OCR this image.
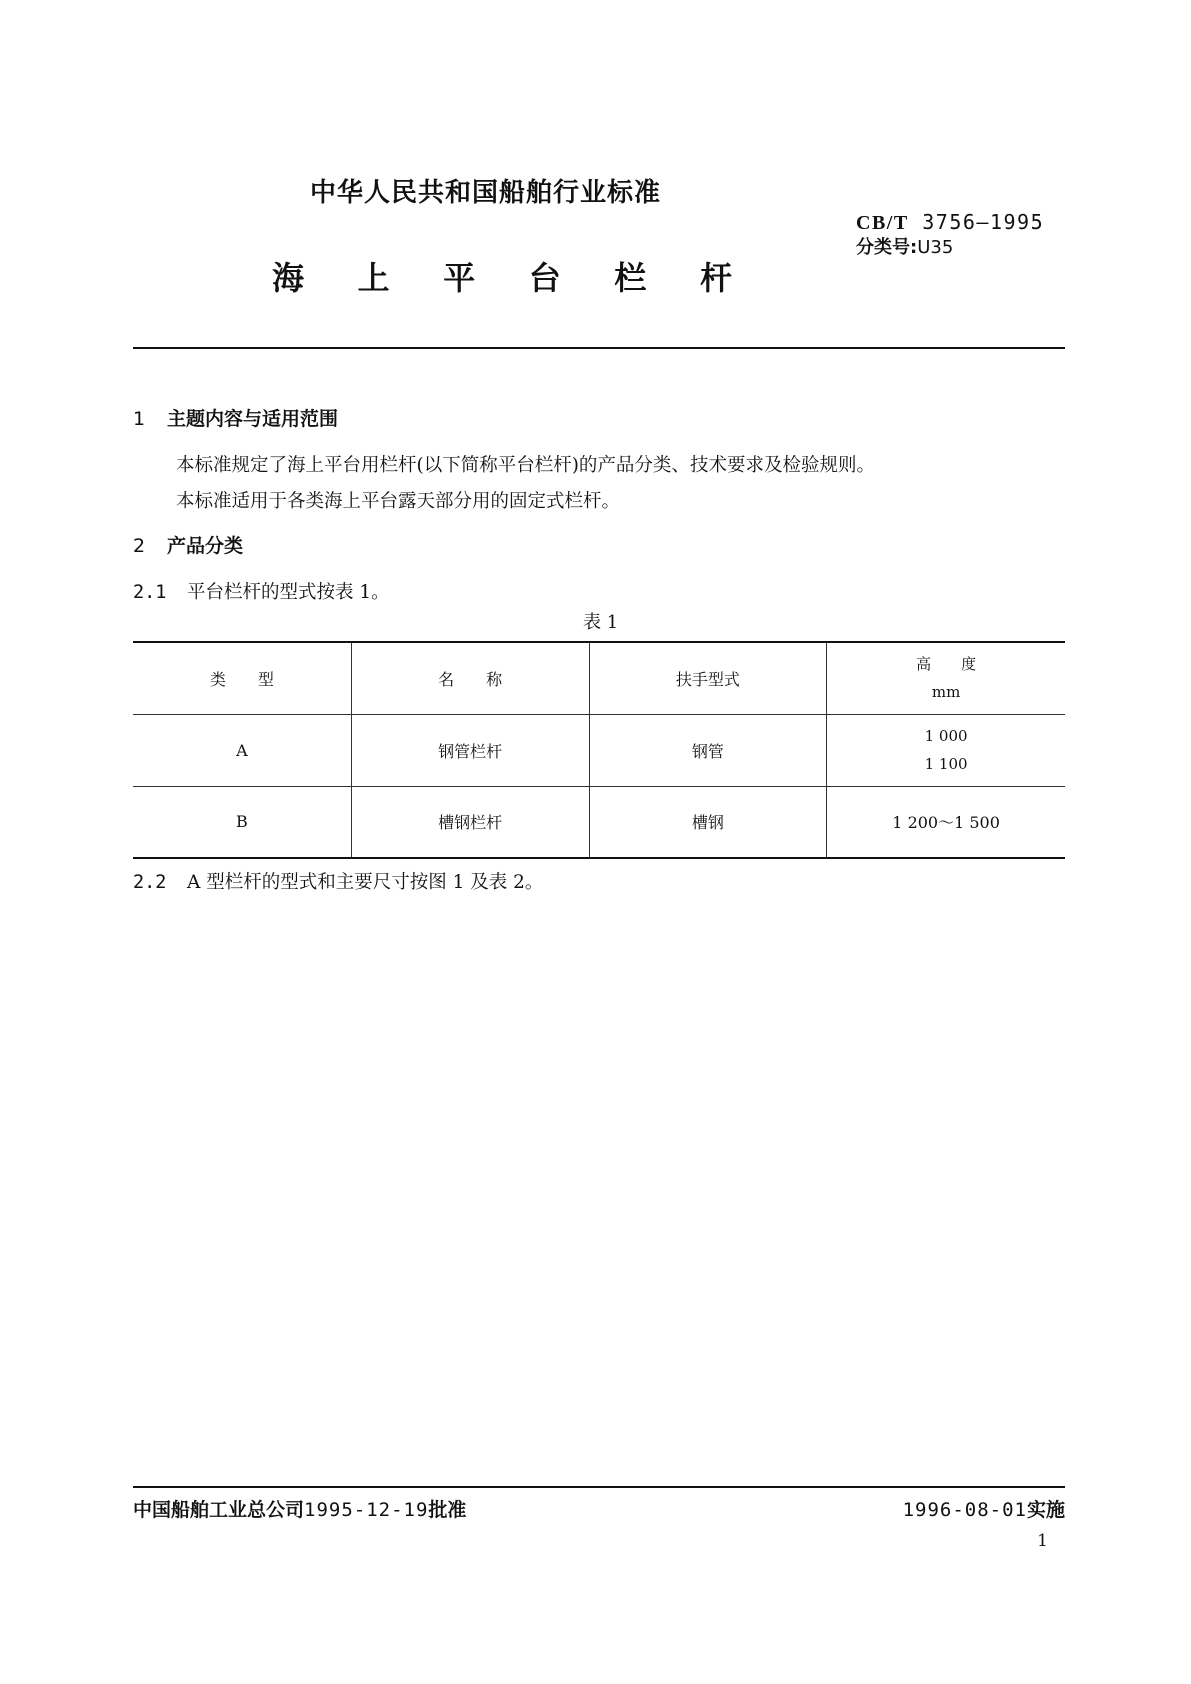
中华人民共和国船舶行业标准
CB/T 3756—1995
分类号:U35
海 上 平 台 栏 杆
1 主题内容与适用范围
本标准规定了海上平台用栏杆(以下简称平台栏杆)的产品分类、技术要求及检验规则。
本标准适用于各类海上平台露天部分用的固定式栏杆。
2 产品分类
2.1 平台栏杆的型式按表 1。
表 1
类　　型	名　　称	扶手型式	高　　度
mm

A	钢管栏杆	钢管	1 000
1 100

B	槽钢栏杆	槽钢	1 200～1 500
2.2 A 型栏杆的型式和主要尺寸按图 1 及表 2。
中国船舶工业总公司1995-12-19批准	1996-08-01实施
1
